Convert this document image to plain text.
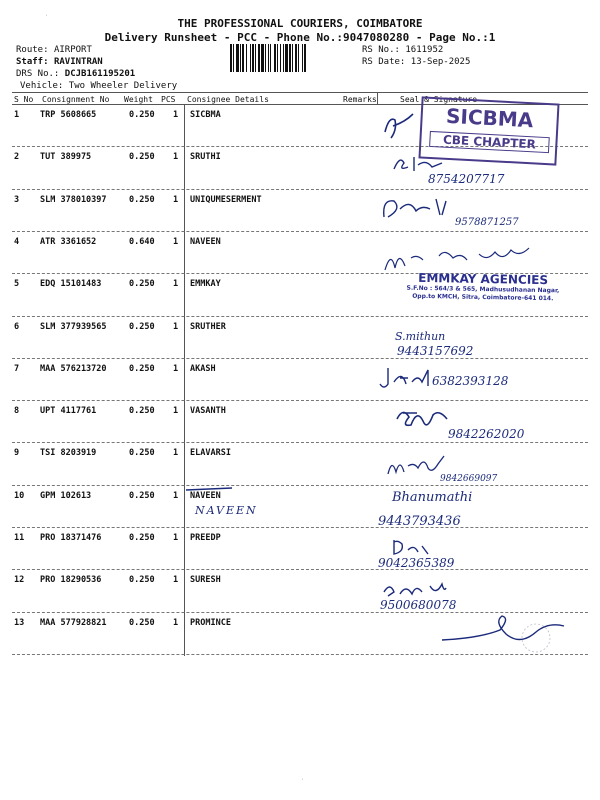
THE PROFESSIONAL COURIERS, COIMBATORE
Delivery Runsheet - PCC - Phone No.:9047080280 - Page No.:1
Route: AIRPORT
Staff: RAVINTRAN
DRS No.: DCJB161195201
Vehicle: Two Wheeler Delivery
RS No.: 1611952
RS Date: 13-Sep-2025
˙
˙
S No Consignment No Weight PCS Consignee Details	Remarks	Seal & Signature
1 TRP 5608665	0.250 1 SICBMA
2 TUT 389975	0.250 1 SRUTHI
3 SLM 378010397	0.250 1 UNIQUMESERMENT
4 ATR 3361652	0.640 1 NAVEEN
5 EDQ 15101483	0.250 1 EMMKAY
6 SLM 377939565	0.250 1 SRUTHER
7 MAA 576213720	0.250 1 AKASH
8 UPT 4117761	0.250 1 VASANTH
9 TSI 8203919	0.250 1 ELAVARSI
10 GPM 102613	0.250 1 NAVEEN
11 PRO 18371476	0.250 1 PREEDP
12 PRO 18290536	0.250 1 SURESH
13 MAA 577928821	0.250 1 PROMINCE
SICBMA
CBE CHAPTER
8754207717
9578871257
EMMKAY AGENCIES
S.F.No : 564/3 & 565, Madhusudhanan Nagar,
Opp.to KMCH, Sitra, Coimbatore-641 014.
S.mithun
9443157692
6382393128
9842262020
9842669097
NAVEEN
Bhanumathi
9443793436
9042365389
9500680078
